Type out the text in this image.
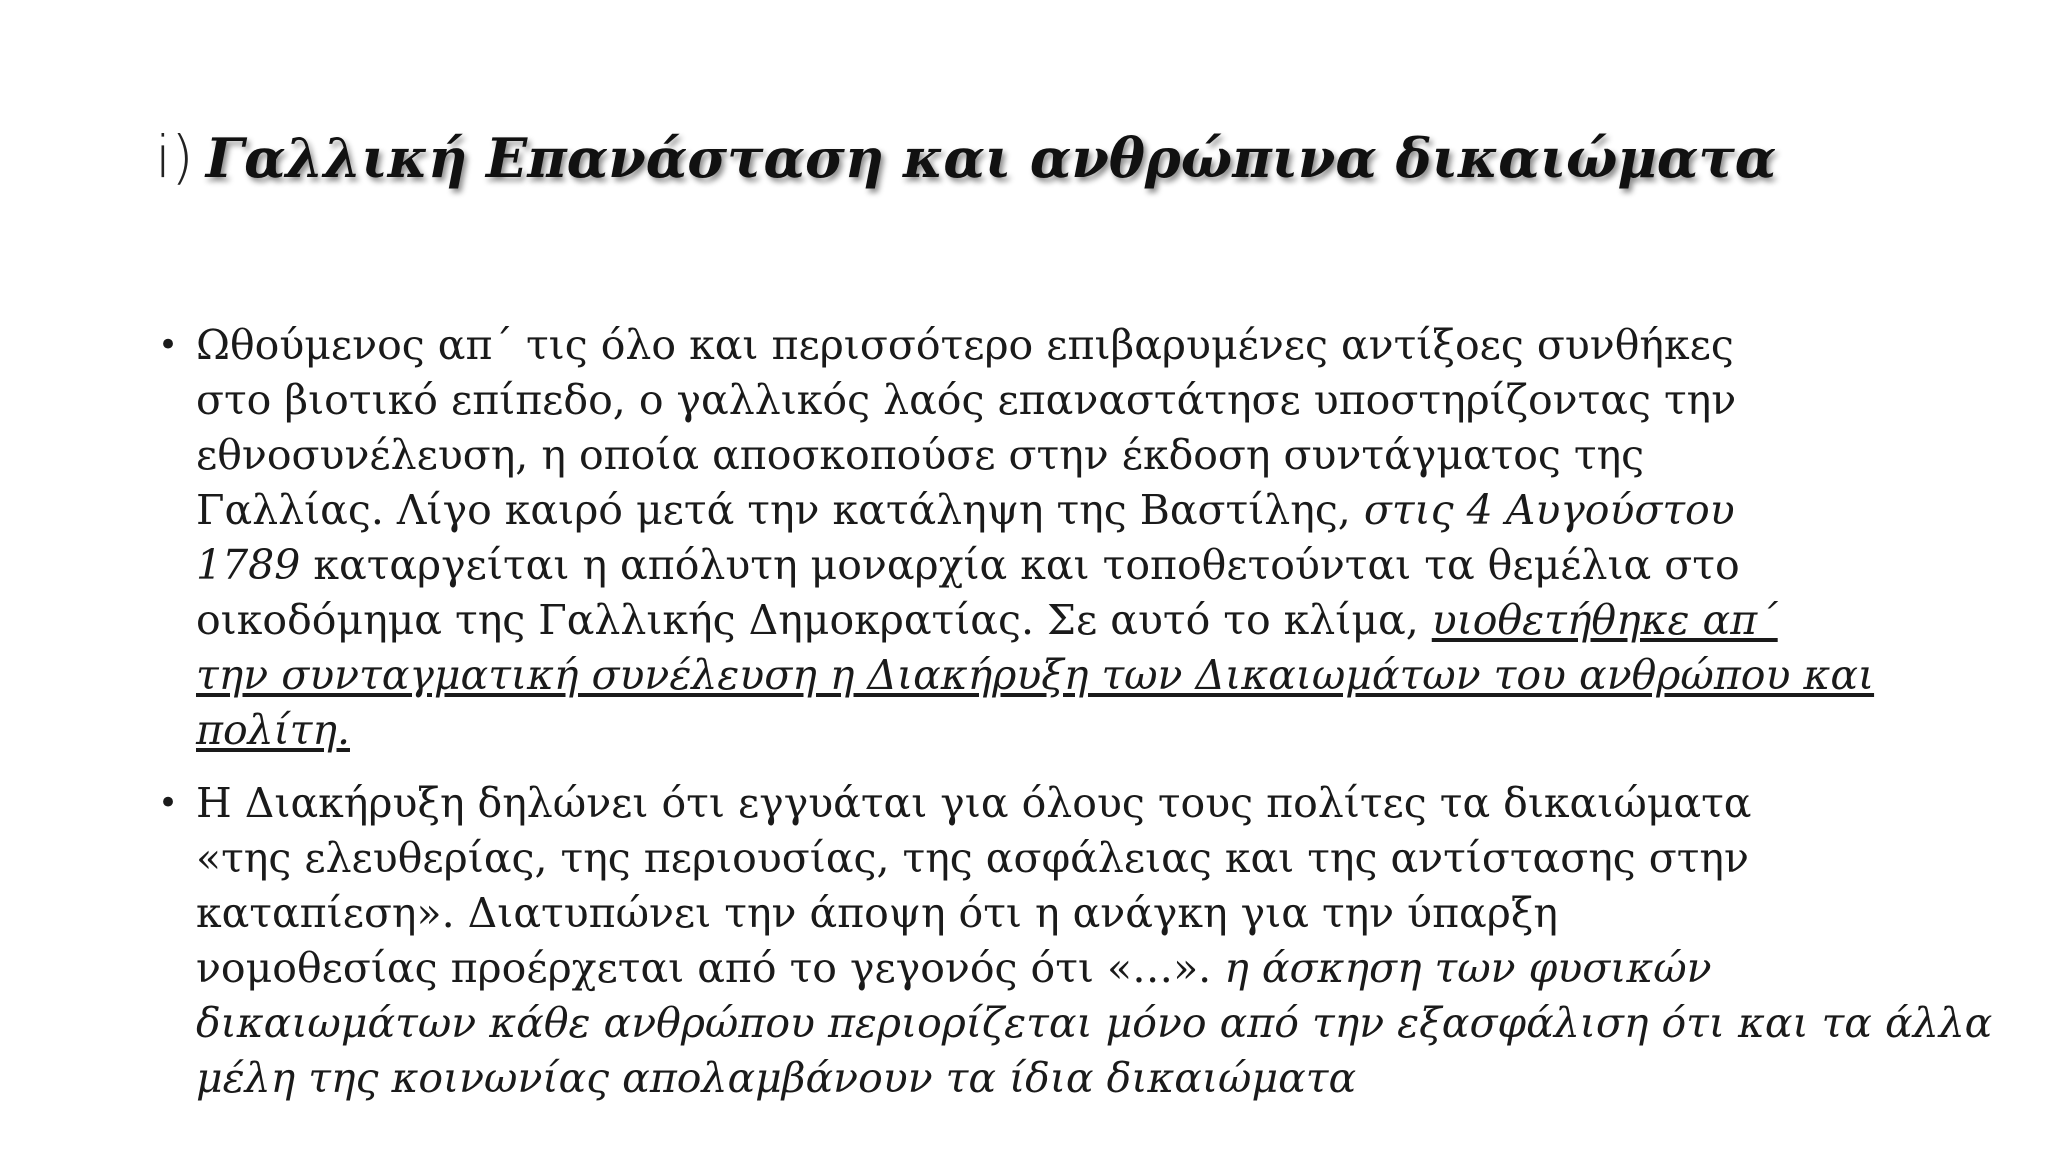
i) Γαλλική Επανάσταση και ανθρώπινα δικαιώματα
• Ωθούμενος απ΄ τις όλο και περισσότερο επιβαρυμένες αντίξοες συνθήκες
στο βιοτικό επίπεδο, ο γαλλικός λαός επαναστάτησε υποστηρίζοντας την
εθνοσυνέλευση, η οποία αποσκοπούσε στην έκδοση συντάγματος της
Γαλλίας. Λίγο καιρό μετά την κατάληψη της Βαστίλης, στις 4 Αυγούστου
1789 καταργείται η απόλυτη μοναρχία και τοποθετούνται τα θεμέλια στο
οικοδόμημα της Γαλλικής Δημοκρατίας. Σε αυτό το κλίμα, υιοθετήθηκε απ΄
την συνταγματική συνέλευση η Διακήρυξη των Δικαιωμάτων του ανθρώπου και
πολίτη.
• Η Διακήρυξη δηλώνει ότι εγγυάται για όλους τους πολίτες τα δικαιώματα
«της ελευθερίας, της περιουσίας, της ασφάλειας και της αντίστασης στην
καταπίεση». Διατυπώνει την άποψη ότι η ανάγκη για την ύπαρξη
νομοθεσίας προέρχεται από το γεγονός ότι «…». η άσκηση των φυσικών
δικαιωμάτων κάθε ανθρώπου περιορίζεται μόνο από την εξασφάλιση ότι και τα άλλα
μέλη της κοινωνίας απολαμβάνουν τα ίδια δικαιώματα
